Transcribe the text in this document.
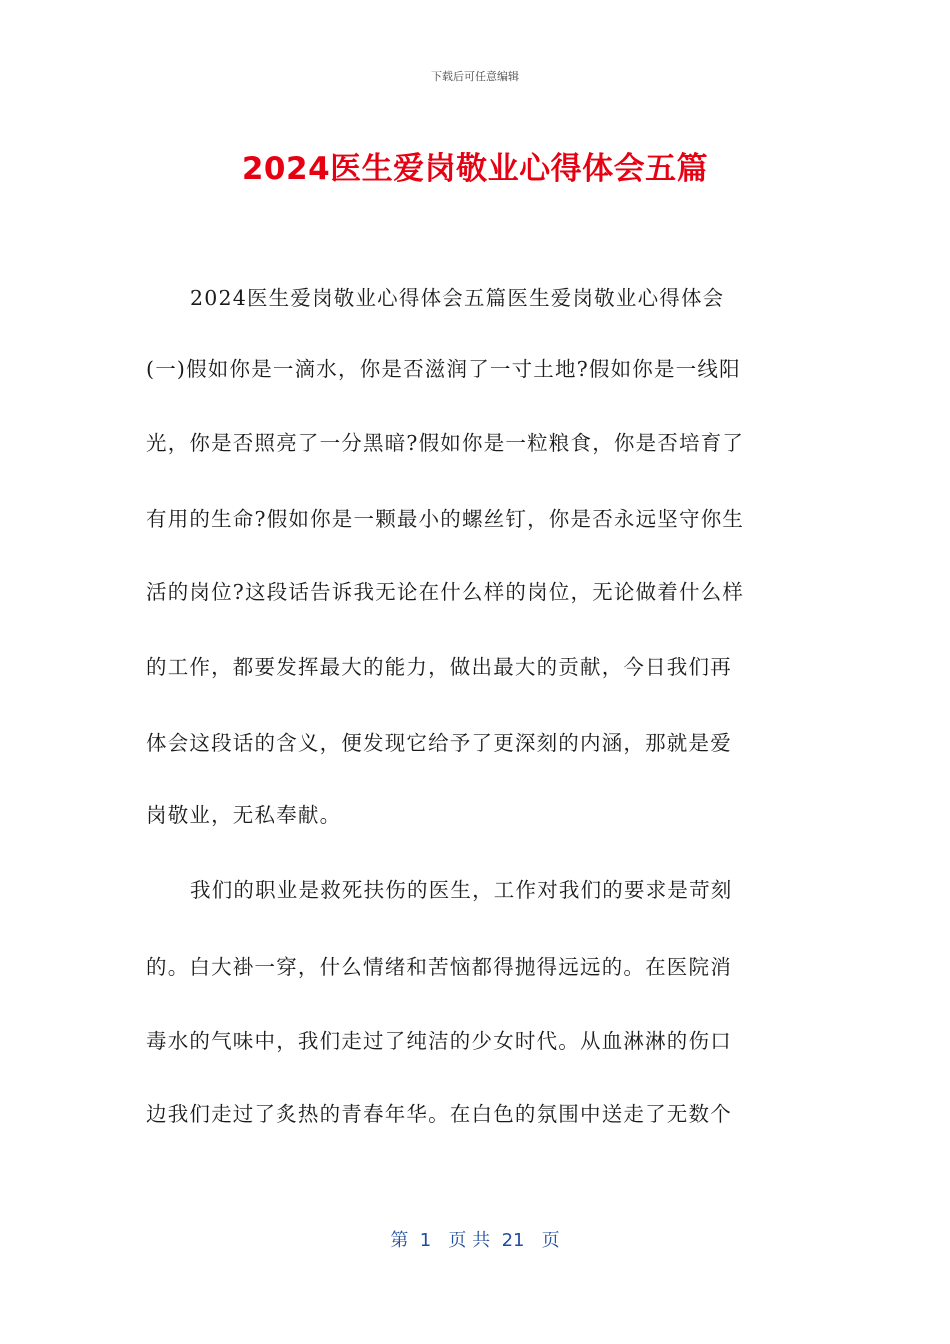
下载后可任意编辑
2024医生爱岗敬业心得体会五篇
2024医生爱岗敬业心得体会五篇医生爱岗敬业心得体会
(一)假如你是一滴水，你是否滋润了一寸土地?假如你是一线阳
光，你是否照亮了一分黑暗?假如你是一粒粮食，你是否培育了
有用的生命?假如你是一颗最小的螺丝钉，你是否永远坚守你生
活的岗位?这段话告诉我无论在什么样的岗位，无论做着什么样
的工作，都要发挥最大的能力，做出最大的贡献，今日我们再
体会这段话的含义，便发现它给予了更深刻的内涵，那就是爱
岗敬业，无私奉献。
我们的职业是救死扶伤的医生，工作对我们的要求是苛刻
的。白大褂一穿，什么情绪和苦恼都得抛得远远的。在医院消
毒水的气味中，我们走过了纯洁的少女时代。从血淋淋的伤口
边我们走过了炙热的青春年华。在白色的氛围中送走了无数个
第  1   页 共  21   页
